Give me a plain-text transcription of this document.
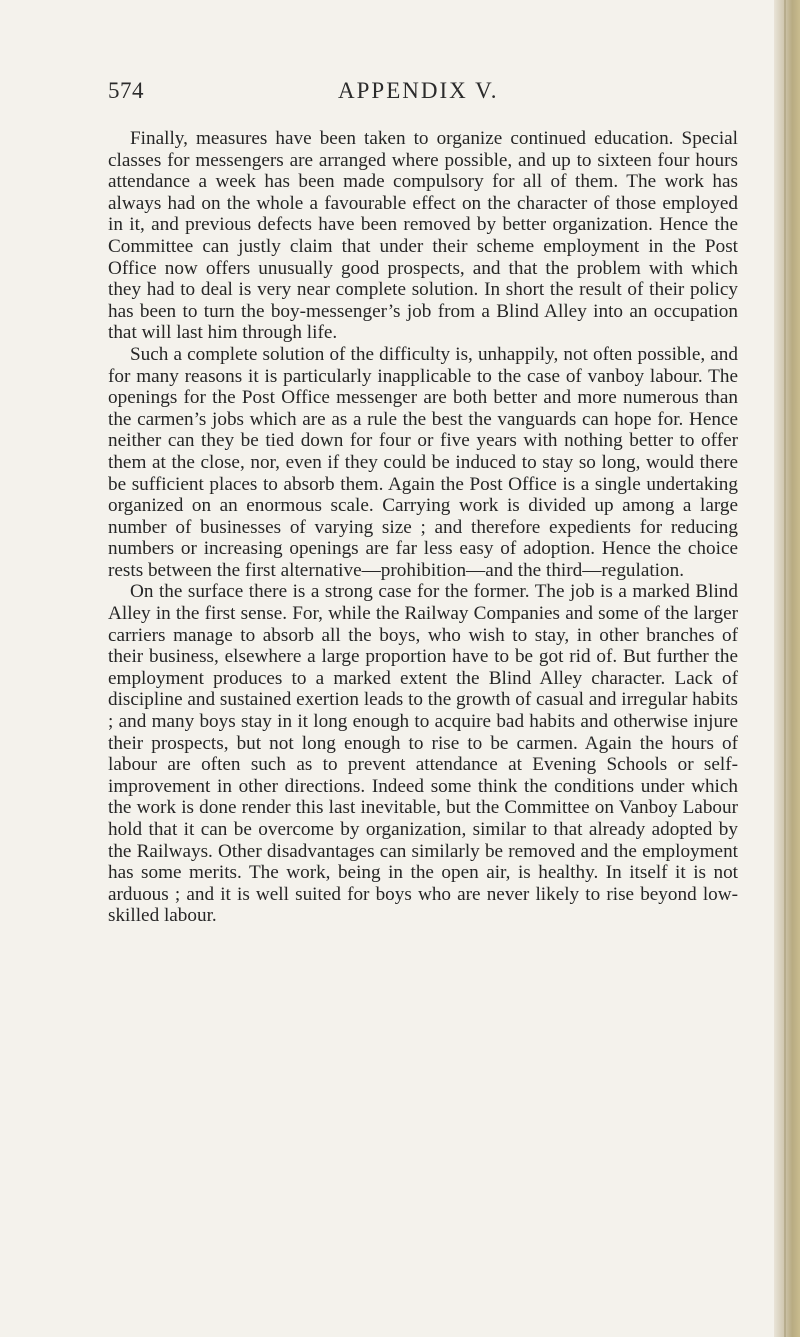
574	APPENDIX V.

Finally, measures have been taken to organize continued education. Special classes for messengers are arranged where possible, and up to sixteen four hours attendance a week has been made compulsory for all of them. The work has always had on the whole a favourable effect on the character of those employed in it, and previous defects have been removed by better organization. Hence the Committee can justly claim that under their scheme employment in the Post Office now offers unusually good prospects, and that the problem with which they had to deal is very near complete solution. In short the result of their policy has been to turn the boy-messenger’s job from a Blind Alley into an occupation that will last him through life.

Such a complete solution of the difficulty is, unhappily, not often possible, and for many reasons it is particularly inapplicable to the case of vanboy labour. The openings for the Post Office messenger are both better and more numerous than the carmen’s jobs which are as a rule the best the vanguards can hope for. Hence neither can they be tied down for four or five years with nothing better to offer them at the close, nor, even if they could be induced to stay so long, would there be sufficient places to absorb them. Again the Post Office is a single undertaking organized on an enormous scale. Carrying work is divided up among a large number of businesses of varying size ; and therefore expedients for reducing numbers or increasing openings are far less easy of adoption. Hence the choice rests between the first alternative—prohibition—and the third—regulation.

On the surface there is a strong case for the former. The job is a marked Blind Alley in the first sense. For, while the Railway Companies and some of the larger carriers manage to absorb all the boys, who wish to stay, in other branches of their business, elsewhere a large proportion have to be got rid of. But further the employment produces to a marked extent the Blind Alley character. Lack of discipline and sustained exertion leads to the growth of casual and irregular habits ; and many boys stay in it long enough to acquire bad habits and otherwise injure their prospects, but not long enough to rise to be carmen. Again the hours of labour are often such as to prevent attendance at Evening Schools or self-improvement in other directions. Indeed some think the conditions under which the work is done render this last inevitable, but the Committee on Vanboy Labour hold that it can be overcome by organization, similar to that already adopted by the Railways. Other disadvantages can similarly be removed and the employment has some merits. The work, being in the open air, is healthy. In itself it is not arduous ; and it is well suited for boys who are never likely to rise beyond low-skilled labour.
